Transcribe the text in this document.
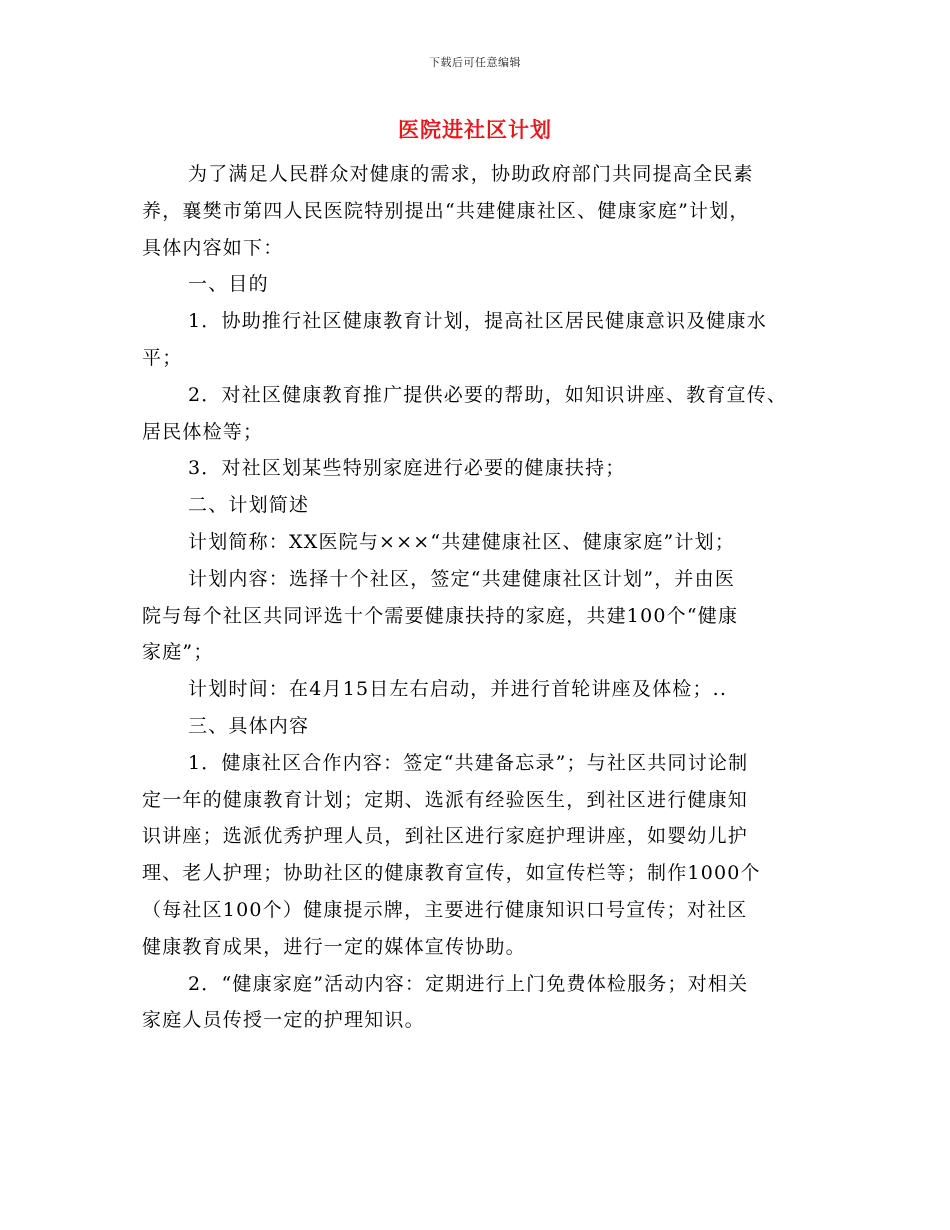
下载后可任意编辑
医院进社区计划
为了满足人民群众对健康的需求，协助政府部门共同提高全民素
养，襄樊市第四人民医院特别提出“共建健康社区、健康家庭”计划，
具体内容如下：
一、目的
1．协助推行社区健康教育计划，提高社区居民健康意识及健康水
平；
2．对社区健康教育推广提供必要的帮助，如知识讲座、教育宣传、
居民体检等；
3．对社区划某些特别家庭进行必要的健康扶持；
二、计划简述
计划简称：XX医院与×××“共建健康社区、健康家庭”计划；
计划内容：选择十个社区，签定“共建健康社区计划”，并由医
院与每个社区共同评选十个需要健康扶持的家庭，共建100个“健康
家庭”；
计划时间：在4月15日左右启动，并进行首轮讲座及体检；..
三、具体内容
1．健康社区合作内容：签定“共建备忘录”；与社区共同讨论制
定一年的健康教育计划；定期、选派有经验医生，到社区进行健康知
识讲座；选派优秀护理人员，到社区进行家庭护理讲座，如婴幼儿护
理、老人护理；协助社区的健康教育宣传，如宣传栏等；制作1000个
（每社区100个）健康提示牌，主要进行健康知识口号宣传；对社区
健康教育成果，进行一定的媒体宣传协助。
2．“健康家庭”活动内容：定期进行上门免费体检服务；对相关
家庭人员传授一定的护理知识。
